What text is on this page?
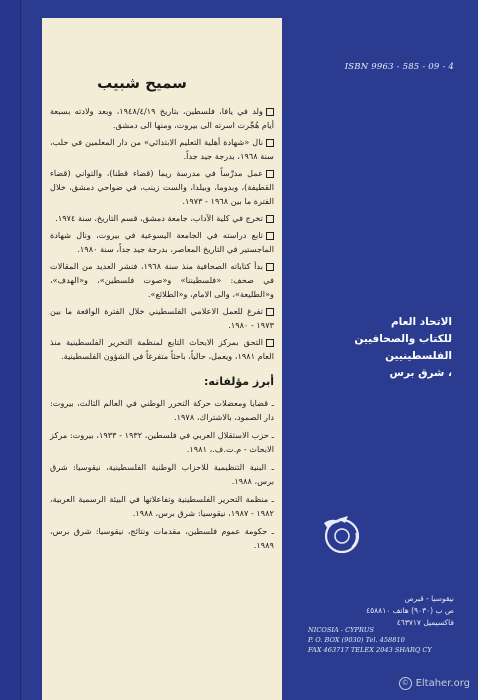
سميح شبيب

ولد في يافا، فلسطين، بتاريخ ١٩٤٨/٤/١٩، وبعد ولادته بسبعة أيام هُجِّرت اسرته الى بيروت، ومنها الى دمشق.

نال «شهادة أهلية التعليم الابتدائي» من دار المعلمين في حلب، سنة ١٩٦٨، بدرجة جيد جداً.

عمل مدرِّساً في مدرسة ريما (قضاء قطنا)، والتواني (قضاء القطيفة)، وبدوما، وبيلدا، والست زينب، في ضواحي دمشق، خلال الفترة ما بين ١٩٦٨ - ١٩٧٣.

تخرج في كلية الآداب، جامعة دمشق، قسم التاريخ، سنة ١٩٧٤.

تابع دراسته في الجامعة اليسوعية في بيروت، ونال شهادة الماجستير في التاريخ المعاصر، بدرجة جيد جداً، سنة ١٩٨٠.

بدأ كتاباته الصحافية منذ سنة ١٩٦٨، فنشر العديد من المقالات في صحف: «فلسطيننا» و«صوت فلسطين»، و«الهدف»، و«الطليعة»، والى الامام، و«الطلائع».

تفرغ للعمل الاعلامي الفلسطيني خلال الفترة الواقعة ما بين ١٩٧٣ - ١٩٨٠.

التحق بمركز الابحاث التابع لمنظمة التحرير الفلسطينية منذ العام ١٩٨١، ويعمل، حالياً، باحثاً متفرغاً في الشؤون الفلسطينية.

أبرز مؤلفاته:

ـ قضايا ومعضلات حركة التحرر الوطني في العالم الثالث، بيروت: دار الصمود، بالاشتراك، ١٩٧٨.

ـ حزب الاستقلال العربي في فلسطين، ١٩٣٢ - ١٩٣٣، بيروت: مركز الابحاث - م.ت.ف.، ١٩٨١.

ـ البنية التنظيمية للاحزاب الوطنية الفلسطينية، نيقوسيا: شرق برس، ١٩٨٨.

ـ منظمة التحرير الفلسطينية وتفاعلاتها في البيئة الرسمية العربية، ١٩٨٢ - ١٩٨٧، نيقوسيا: شرق برس، ١٩٨٨.

ـ حكومة عموم فلسطين، مقدمات ونتائج، نيقوسيا: شرق برس، ١٩٨٩.

ISBN 9963 - 585 - 09 - 4
الاتحاد العام
للكتاب والصحافيين
الفلسطينيين
، شرق برس
نيقوسيا - قبرص
ص ب (٩٠٣٠) هاتف ٤٥٨٨١٠
فاكسيميل ٤٦٣٧١٧
NICOSIA - CYPRUS
P. O. BOX (9030) Tel. 458810
FAX 463717 TELEX 2043 SHARQ CY
© Eltaher.org
